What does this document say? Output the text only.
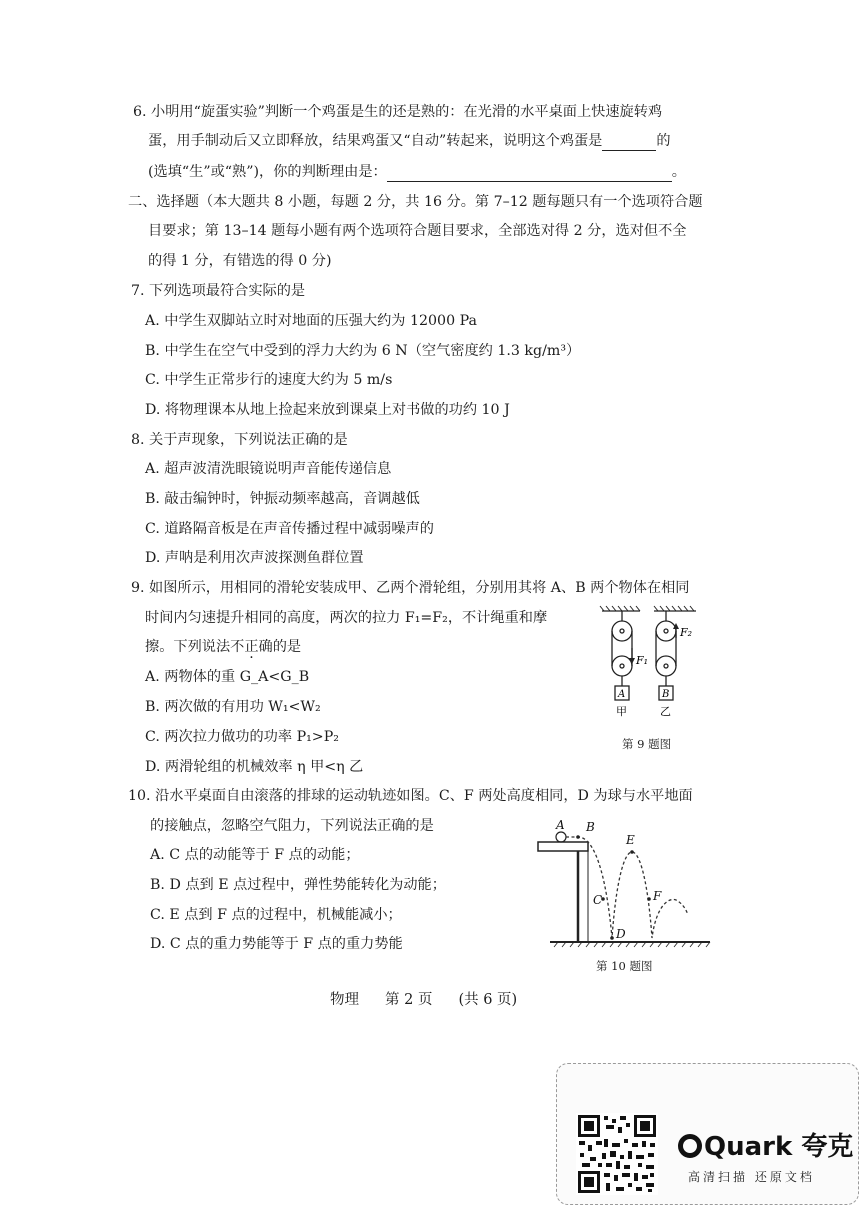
6. 小明用“旋蛋实验”判断一个鸡蛋是生的还是熟的：在光滑的水平桌面上快速旋转鸡
蛋，用手制动后又立即释放，结果鸡蛋又“自动”转起来，说明这个鸡蛋是	的
(选填“生”或“熟”)，你的判断理由是：	。
二、选择题（本大题共 8 小题，每题 2 分，共 16 分。第 7–12 题每题只有一个选项符合题
目要求；第 13–14 题每小题有两个选项符合题目要求，全部选对得 2 分，选对但不全
的得 1 分，有错选的得 0 分)
7. 下列选项最符合实际的是
A. 中学生双脚站立时对地面的压强大约为 12000 Pa
B. 中学生在空气中受到的浮力大约为 6 N（空气密度约 1.3 kg/m³）
C. 中学生正常步行的速度大约为 5 m/s
D. 将物理课本从地上捡起来放到课桌上对书做的功约 10 J
8. 关于声现象，下列说法正确的是
A. 超声波清洗眼镜说明声音能传递信息
B. 敲击编钟时，钟振动频率越高，音调越低
C. 道路隔音板是在声音传播过程中减弱噪声的
D. 声呐是利用次声波探测鱼群位置
9. 如图所示，用相同的滑轮安装成甲、乙两个滑轮组，分别用其将 A、B 两个物体在相同
时间内匀速提升相同的高度，两次的拉力 F₁=F₂，不计绳重和摩
擦。下列说法不正确的是
A. 两物体的重 G_A<G_B
B. 两次做的有用功 W₁<W₂
C. 两次拉力做功的功率 P₁>P₂
D. 两滑轮组的机械效率 η 甲<η 乙
F₁
F₂
A	B
甲	乙
第 9 题图
10. 沿水平桌面自由滚落的排球的运动轨迹如图。C、F 两处高度相同，D 为球与水平地面
的接触点，忽略空气阻力，下列说法正确的是
A. C 点的动能等于 F 点的动能；
B. D 点到 E 点过程中，弹性势能转化为动能；
C. E 点到 F 点的过程中，机械能减小；
D. C 点的重力势能等于 F 点的重力势能
A B
C
D
E
F
第 10 题图
物理 第 2 页 (共 6 页)
Quark 夸克
高清扫描 还原文档
